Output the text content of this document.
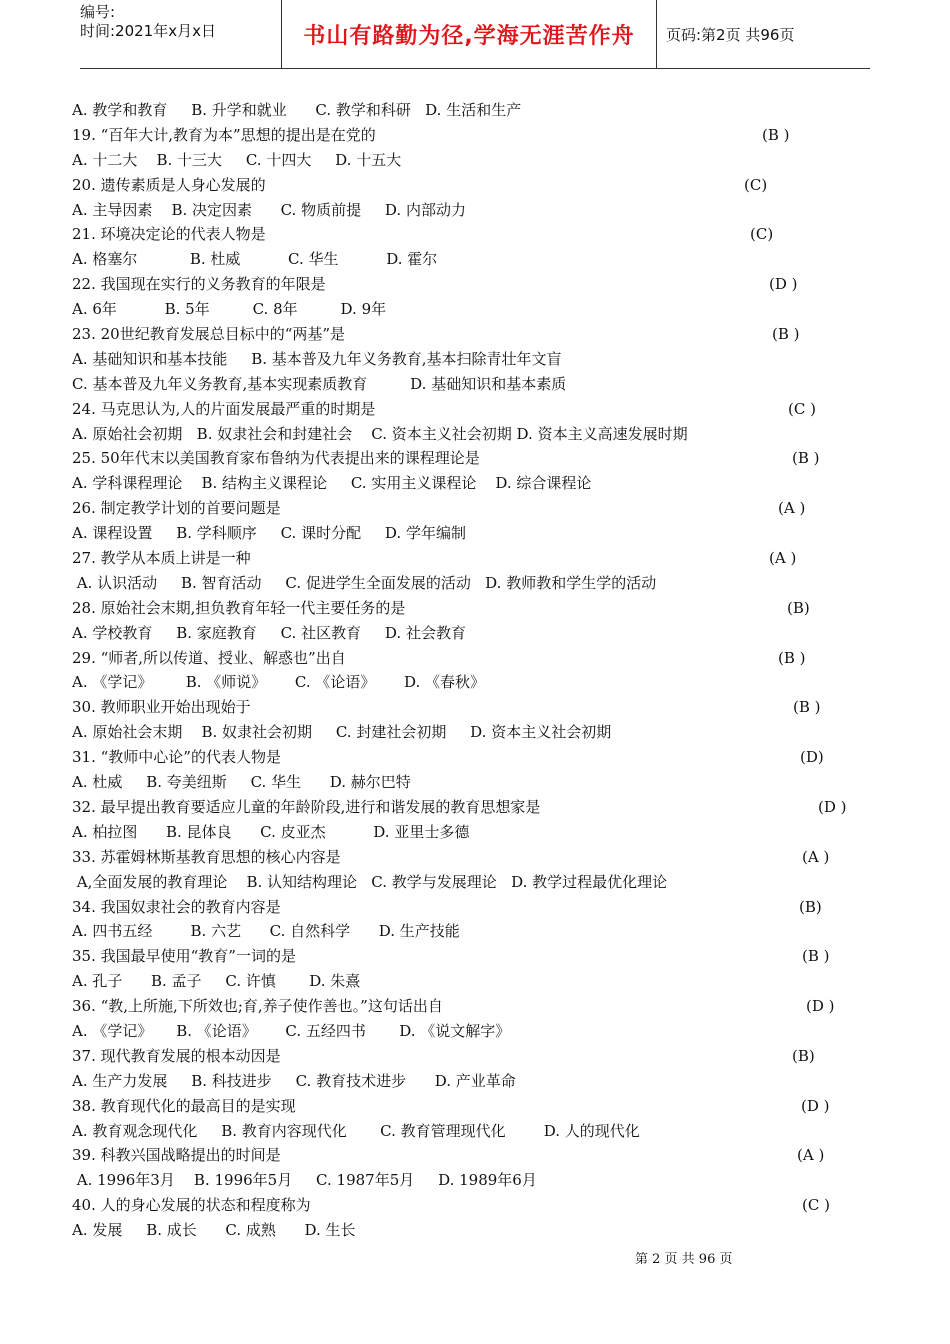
编号:
时间:2021年x月x日	书山有路勤为径,学海无涯苦作舟	页码:第2页 共96页
A. 教学和教育     B. 升学和就业      C. 教学和科研   D. 生活和生产
19. “百年大计,教育为本”思想的提出是在党的	(B )
A. 十二大    B. 十三大     C. 十四大     D. 十五大
20. 遗传素质是人身心发展的	(C)
A. 主导因素    B. 决定因素      C. 物质前提     D. 内部动力
21. 环境决定论的代表人物是	(C)
A. 格塞尔           B. 杜威          C. 华生          D. 霍尔
22. 我国现在实行的义务教育的年限是	(D )
A. 6年          B. 5年         C. 8年         D. 9年
23. 20世纪教育发展总目标中的“两基”是	(B )
A. 基础知识和基本技能     B. 基本普及九年义务教育,基本扫除青壮年文盲
C. 基本普及九年义务教育,基本实现素质教育         D. 基础知识和基本素质
24. 马克思认为,人的片面发展最严重的时期是	(C )
A. 原始社会初期   B. 奴隶社会和封建社会    C. 资本主义社会初期 D. 资本主义高速发展时期
25. 50年代末以美国教育家布鲁纳为代表提出来的课程理论是	(B )
A. 学科课程理论    B. 结构主义课程论     C. 实用主义课程论    D. 综合课程论
26. 制定教学计划的首要问题是	(A )
A. 课程设置     B. 学科顺序     C. 课时分配     D. 学年编制
27. 教学从本质上讲是一种	(A )
A. 认识活动     B. 智育活动     C. 促进学生全面发展的活动   D. 教师教和学生学的活动
28. 原始社会末期,担负教育年轻一代主要任务的是	(B)
A. 学校教育     B. 家庭教育     C. 社区教育     D. 社会教育
29. “师者,所以传道、授业、解惑也”出自	(B )
A. 《学记》       B. 《师说》      C. 《论语》      D. 《春秋》
30. 教师职业开始出现始于	(B )
A. 原始社会末期    B. 奴隶社会初期     C. 封建社会初期     D. 资本主义社会初期
31. “教师中心论”的代表人物是	(D)
A. 杜威     B. 夸美纽斯     C. 华生      D. 赫尔巴特
32. 最早提出教育要适应儿童的年龄阶段,进行和谐发展的教育思想家是	(D )
A. 柏拉图      B. 昆体良      C. 皮亚杰          D. 亚里士多德
33. 苏霍姆林斯基教育思想的核心内容是	(A )
A,全面发展的教育理论    B. 认知结构理论   C. 教学与发展理论   D. 教学过程最优化理论
34. 我国奴隶社会的教育内容是	(B)
A. 四书五经        B. 六艺      C. 自然科学      D. 生产技能
35. 我国最早使用“教育”一词的是	(B )
A. 孔子      B. 孟子     C. 许慎       D. 朱熹
36. “教,上所施,下所效也;育,养子使作善也。”这句话出自	(D )
A. 《学记》     B. 《论语》      C. 五经四书       D. 《说文解字》
37. 现代教育发展的根本动因是	(B)
A. 生产力发展     B. 科技进步     C. 教育技术进步      D. 产业革命
38. 教育现代化的最高目的是实现	(D )
A. 教育观念现代化     B. 教育内容现代化       C. 教育管理现代化        D. 人的现代化
39. 科教兴国战略提出的时间是	(A )
A. 1996年3月    B. 1996年5月     C. 1987年5月     D. 1989年6月
40. 人的身心发展的状态和程度称为	(C )
A. 发展     B. 成长      C. 成熟      D. 生长
第 2 页 共 96 页
